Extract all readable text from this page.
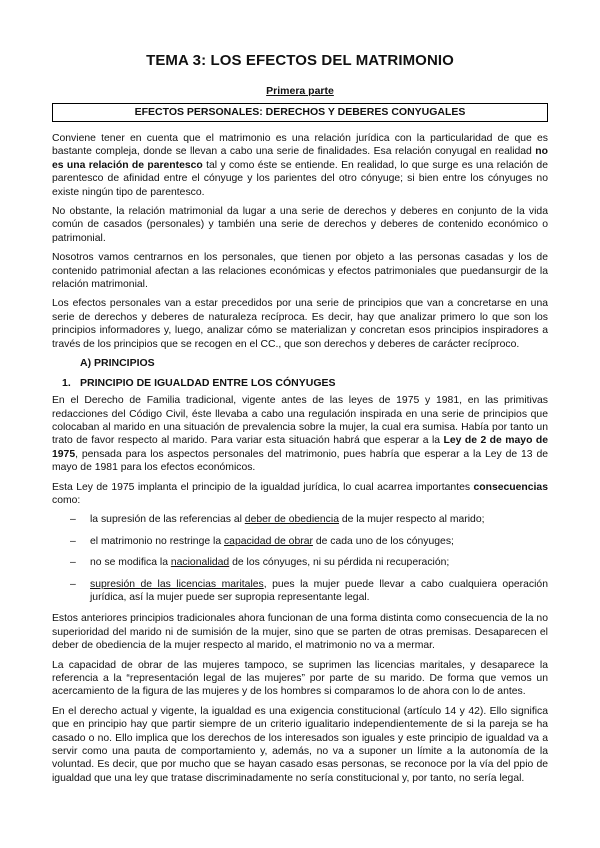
TEMA 3: LOS EFECTOS DEL MATRIMONIO
Primera parte
EFECTOS PERSONALES: DERECHOS Y DEBERES CONYUGALES

Conviene tener en cuenta que el matrimonio es una relación jurídica con la particularidad de que es bastante compleja, donde se llevan a cabo una serie de finalidades. Esa relación conyugal en realidad no es una relación de parentesco tal y como éste se entiende. En realidad, lo que surge es una relación de parentesco de afinidad entre el cónyuge y los parientes del otro cónyuge; si bien entre los cónyuges no existe ningún tipo de parentesco.

No obstante, la relación matrimonial da lugar a una serie de derechos y deberes en conjunto de la vida común de casados (personales) y también una serie de derechos y deberes de contenido económico o patrimonial.

Nosotros vamos centrarnos en los personales, que tienen por objeto a las personas casadas y los de contenido patrimonial afectan a las relaciones económicas y efectos patrimoniales que puedansurgir de la relación matrimonial.

Los efectos personales van a estar precedidos por una serie de principios que van a concretarse en una serie de derechos y deberes de naturaleza recíproca. Es decir, hay que analizar primero lo que son los principios informadores y, luego, analizar cómo se materializan y concretan esos principios inspiradores a través de los principios que se recogen en el CC., que son derechos y deberes de carácter recíproco.

A) PRINCIPIOS
1. PRINCIPIO DE IGUALDAD ENTRE LOS CÓNYUGES

En el Derecho de Familia tradicional, vigente antes de las leyes de 1975 y 1981, en las primitivas redacciones del Código Civil, éste llevaba a cabo una regulación inspirada en una serie de principios que colocaban al marido en una situación de prevalencia sobre la mujer, la cual era sumisa. Había por tanto un trato de favor respecto al marido. Para variar esta situación habrá que esperar a la Ley de 2 de mayo de 1975, pensada para los aspectos personales del matrimonio, pues habría que esperar a la Ley de 13 de mayo de 1981 para los efectos económicos.

Esta Ley de 1975 implanta el principio de la igualdad jurídica, lo cual acarrea importantes consecuencias como:

– la supresión de las referencias al deber de obediencia de la mujer respecto al marido;
– el matrimonio no restringe la capacidad de obrar de cada uno de los cónyuges;
– no se modifica la nacionalidad de los cónyuges, ni su pérdida ni recuperación;
– supresión de las licencias maritales, pues la mujer puede llevar a cabo cualquiera operación jurídica, así la mujer puede ser supropia representante legal.

Estos anteriores principios tradicionales ahora funcionan de una forma distinta como consecuencia de la no superioridad del marido ni de sumisión de la mujer, sino que se parten de otras premisas. Desaparecen el deber de obediencia de la mujer respecto al marido, el matrimonio no va a mermar.

La capacidad de obrar de las mujeres tampoco, se suprimen las licencias maritales, y desaparece la referencia a la “representación legal de las mujeres” por parte de su marido. De forma que vemos un acercamiento de la figura de las mujeres y de los hombres si comparamos lo de ahora con lo de antes.

En el derecho actual y vigente, la igualdad es una exigencia constitucional (artículo 14 y 42). Ello significa que en principio hay que partir siempre de un criterio igualitario independientemente de si la pareja se ha casado o no. Ello implica que los derechos de los interesados son iguales y este principio de igualdad va a servir como una pauta de comportamiento y, además, no va a suponer un límite a la autonomía de la voluntad. Es decir, que por mucho que se hayan casado esas personas, se reconoce por la vía del ppio de igualdad que una ley que tratase discriminadamente no sería constitucional y, por tanto, no sería legal.
